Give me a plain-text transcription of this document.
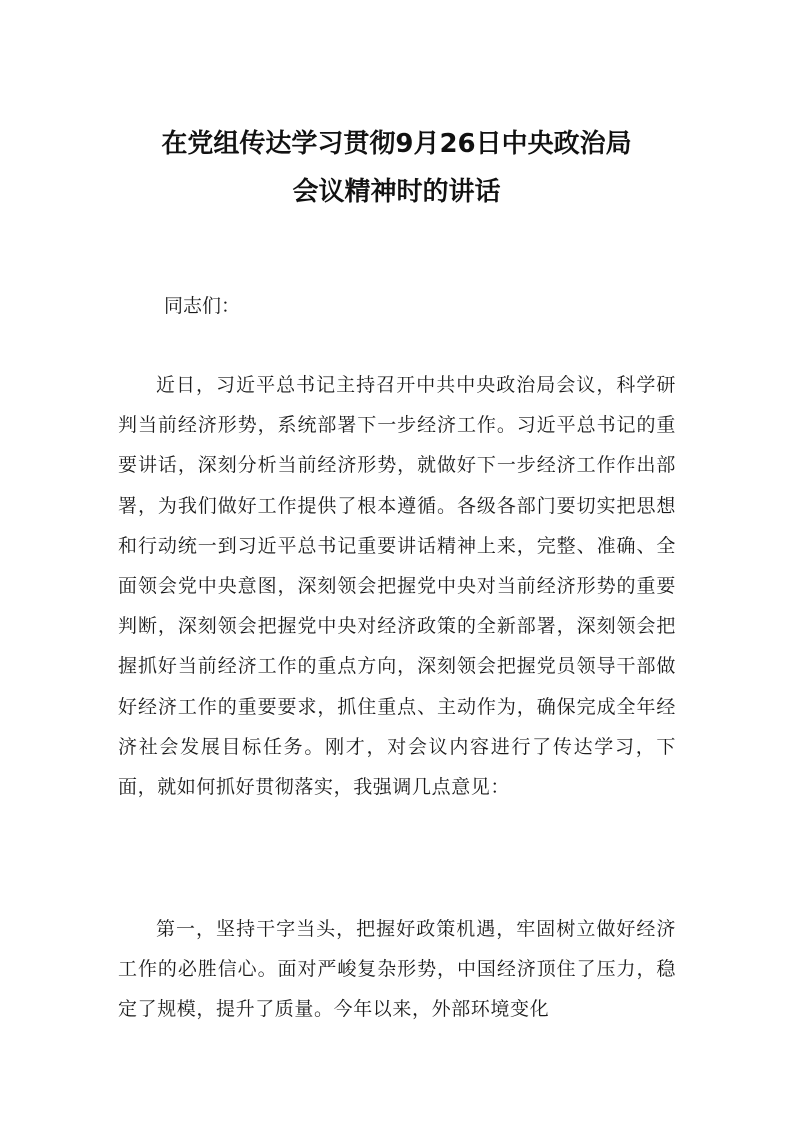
在党组传达学习贯彻9月26日中央政治局
会议精神时的讲话
同志们：

近日，习近平总书记主持召开中共中央政治局会议，科学研判当前经济形势，系统部署下一步经济工作。习近平总书记的重要讲话，深刻分析当前经济形势，就做好下一步经济工作作出部署，为我们做好工作提供了根本遵循。各级各部门要切实把思想和行动统一到习近平总书记重要讲话精神上来，完整、准确、全面领会党中央意图，深刻领会把握党中央对当前经济形势的重要判断，深刻领会把握党中央对经济政策的全新部署，深刻领会把握抓好当前经济工作的重点方向，深刻领会把握党员领导干部做好经济工作的重要要求，抓住重点、主动作为，确保完成全年经济社会发展目标任务。刚才，对会议内容进行了传达学习，下面，就如何抓好贯彻落实，我强调几点意见：

第一，坚持干字当头，把握好政策机遇，牢固树立做好经济工作的必胜信心。面对严峻复杂形势，中国经济顶住了压力，稳定了规模，提升了质量。今年以来，外部环境变化
